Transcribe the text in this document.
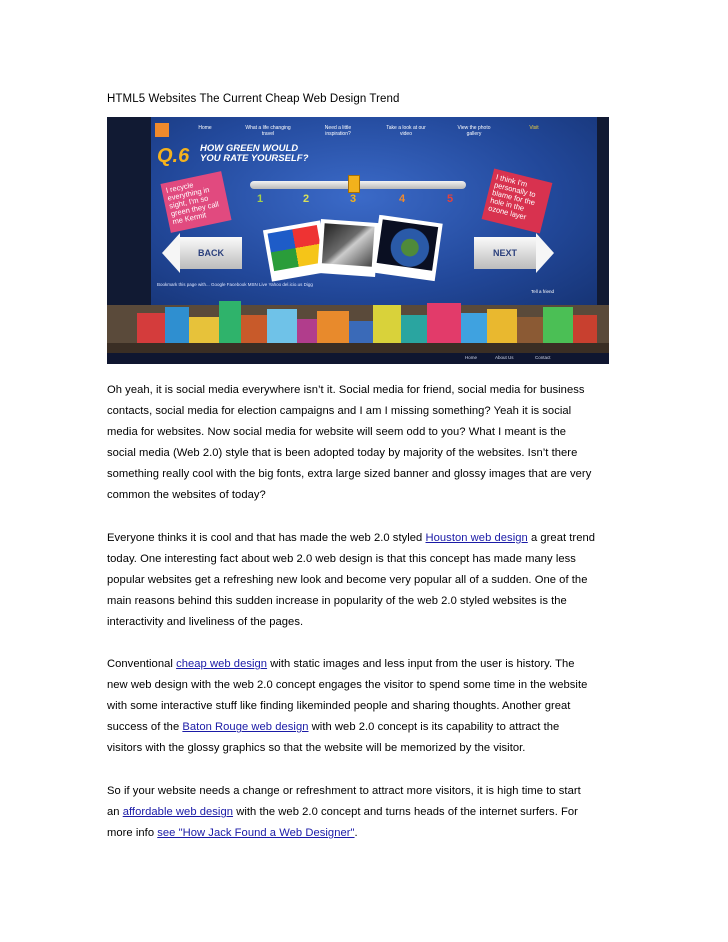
HTML5 Websites The Current Cheap Web Design Trend
Home	What a life changing travel
Need a little inspiration?
Take a look at our video
View the photo gallery
Visit
Q.6 HOW GREEN WOULD YOU RATE YOURSELF?
I recycle everything in sight, I'm so green they call me Kermit
I think I'm personally to blame for the hole in the ozone layer
1	2	3	4	5
BACK	NEXT
Bookmark this page with... Google Facebook MSN Live Yahoo del.icio.us Digg
Tell a friend
Home	About Us	Contact
Oh yeah, it is social media everywhere isn’t it. Social media for friend, social media for business
contacts, social media for election campaigns and I am I missing something? Yeah it is social
media for websites. Now social media for website will seem odd to you? What I meant is the
social media (Web 2.0) style that is been adopted today by majority of the websites. Isn’t there
something really cool with the big fonts, extra large sized banner and glossy images that are very
common the websites of today?
Everyone thinks it is cool and that has made the web 2.0 styled Houston web design a great trend
today. One interesting fact about web 2.0 web design is that this concept has made many less
popular websites get a refreshing new look and become very popular all of a sudden. One of the
main reasons behind this sudden increase in popularity of the web 2.0 styled websites is the
interactivity and liveliness of the pages.
Conventional cheap web design with static images and less input from the user is history. The
new web design with the web 2.0 concept engages the visitor to spend some time in the website
with some interactive stuff like finding likeminded people and sharing thoughts. Another great
success of the Baton Rouge web design with web 2.0 concept is its capability to attract the
visitors with the glossy graphics so that the website will be memorized by the visitor.
So if your website needs a change or refreshment to attract more visitors, it is high time to start
an affordable web design with the web 2.0 concept and turns heads of the internet surfers. For
more info see "How Jack Found a Web Designer".
